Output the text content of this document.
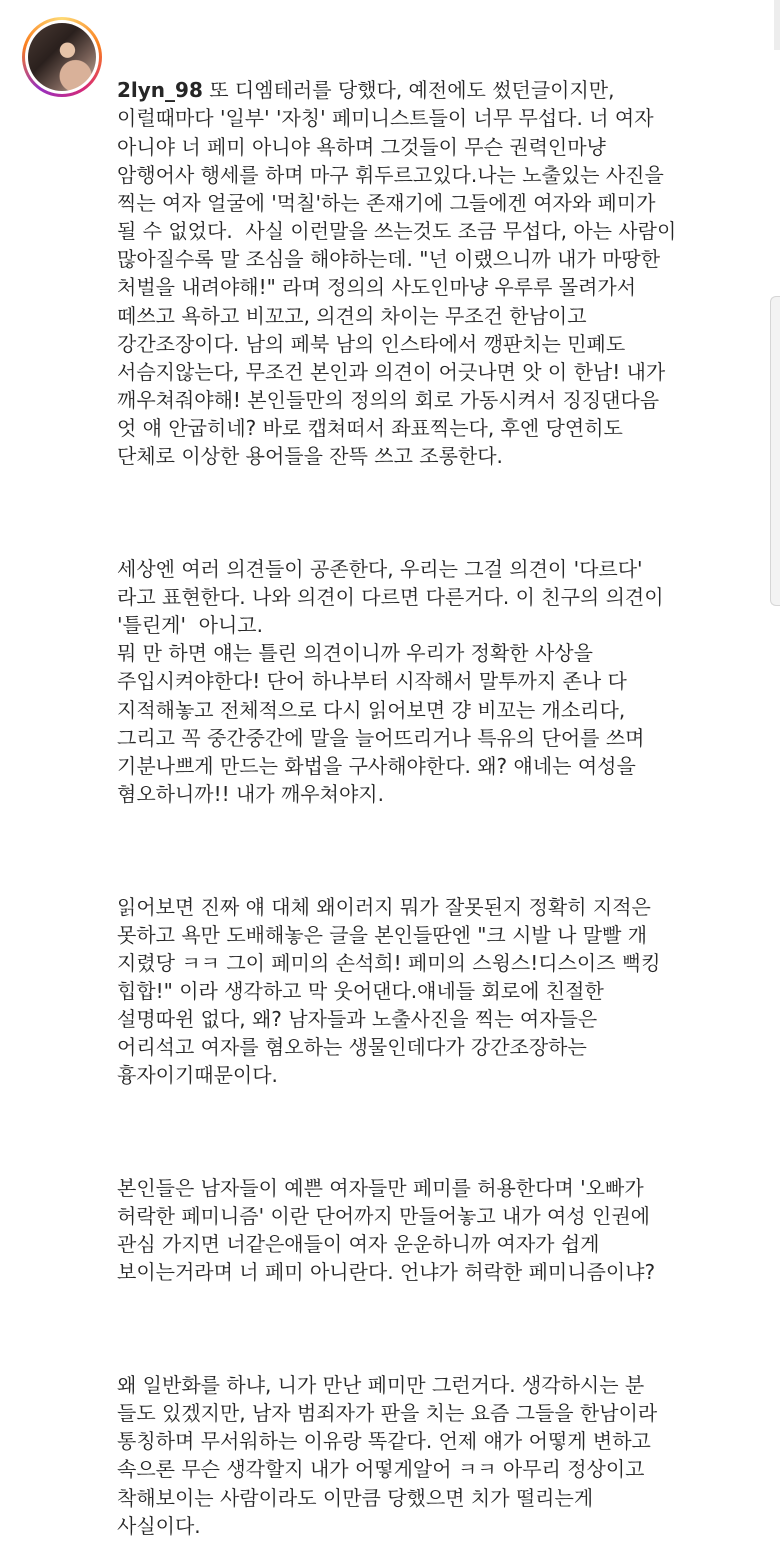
2lyn_98 또 디엠테러를 당했다, 예전에도 썼던글이지만,
이럴때마다 '일부' '자칭' 페미니스트들이 너무 무섭다. 너 여자
아니야 너 페미 아니야 욕하며 그것들이 무슨 권력인마냥
암행어사 행세를 하며 마구 휘두르고있다.나는 노출있는 사진을
찍는 여자 얼굴에 '먹칠'하는 존재기에 그들에겐 여자와 페미가
될 수 없었다.  사실 이런말을 쓰는것도 조금 무섭다, 아는 사람이
많아질수록 말 조심을 해야하는데. "넌 이랬으니까 내가 마땅한
처벌을 내려야해!" 라며 정의의 사도인마냥 우루루 몰려가서
떼쓰고 욕하고 비꼬고, 의견의 차이는 무조건 한남이고
강간조장이다. 남의 페북 남의 인스타에서 깽판치는 민폐도
서슴지않는다, 무조건 본인과 의견이 어긋나면 앗 이 한남! 내가
깨우쳐줘야해! 본인들만의 정의의 회로 가동시켜서 징징댄다음
엇 얘 안굽히네? 바로 캡쳐떠서 좌표찍는다, 후엔 당연히도
단체로 이상한 용어들을 잔뜩 쓰고 조롱한다.

세상엔 여러 의견들이 공존한다, 우리는 그걸 의견이 '다르다'
라고 표현한다. 나와 의견이 다르면 다른거다. 이 친구의 의견이
'틀린게'  아니고.
뭐 만 하면 얘는 틀린 의견이니까 우리가 정확한 사상을
주입시켜야한다! 단어 하나부터 시작해서 말투까지 존나 다
지적해놓고 전체적으로 다시 읽어보면 걍 비꼬는 개소리다,
그리고 꼭 중간중간에 말을 늘어뜨리거나 특유의 단어를 쓰며
기분나쁘게 만드는 화법을 구사해야한다. 왜? 얘네는 여성을
혐오하니까!! 내가 깨우쳐야지.

읽어보면 진짜 얘 대체 왜이러지 뭐가 잘못된지 정확히 지적은
못하고 욕만 도배해놓은 글을 본인들딴엔 "크 시발 나 말빨 개
지렸당 ㅋㅋ 그이 페미의 손석희! 페미의 스윙스!디스이즈 뻑킹
힙합!" 이라 생각하고 막 웃어댄다.얘네들 회로에 친절한
설명따윈 없다, 왜? 남자들과 노출사진을 찍는 여자들은
어리석고 여자를 혐오하는 생물인데다가 강간조장하는
흉자이기때문이다.

본인들은 남자들이 예쁜 여자들만 페미를 허용한다며 '오빠가
허락한 페미니즘' 이란 단어까지 만들어놓고 내가 여성 인권에
관심 가지면 너같은애들이 여자 운운하니까 여자가 쉽게
보이는거라며 너 페미 아니란다. 언냐가 허락한 페미니즘이냐?

왜 일반화를 하냐, 니가 만난 페미만 그런거다. 생각하시는 분
들도 있겠지만, 남자 범죄자가 판을 치는 요즘 그들을 한남이라
통칭하며 무서워하는 이유랑 똑같다. 언제 얘가 어떻게 변하고
속으론 무슨 생각할지 내가 어떻게알어 ㅋㅋ 아무리 정상이고
착해보이는 사람이라도 이만큼 당했으면 치가 떨리는게
사실이다.
